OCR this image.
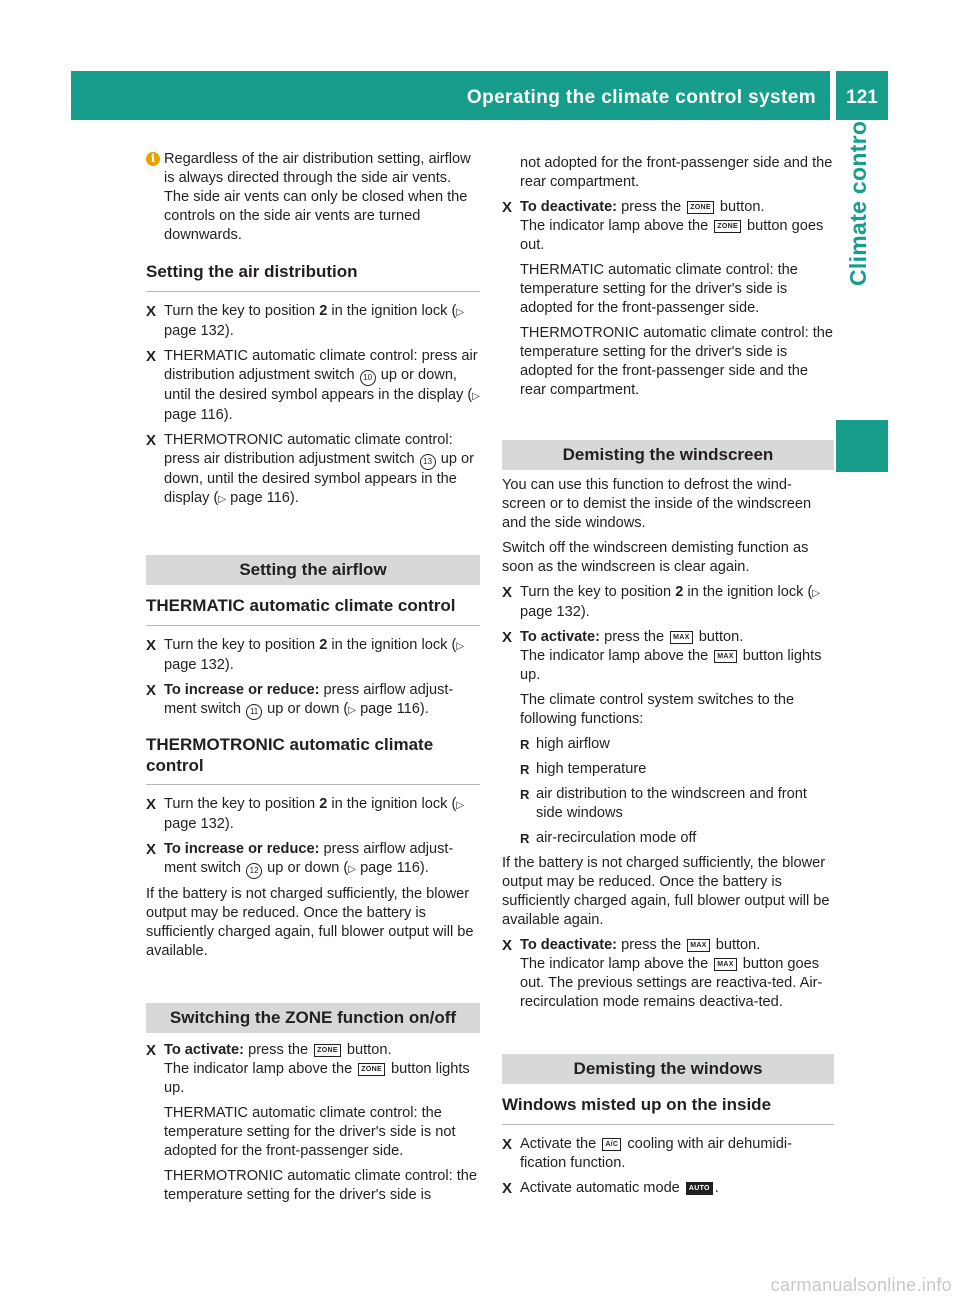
Operating the climate control system	121
Climate control

i Regardless of the air distribution setting, airflow is always directed through the side air vents. The side air vents can only be closed when the controls on the side air vents are turned downwards.

Setting the air distribution

X Turn the key to position 2 in the ignition lock (▷ page 132).

X THERMATIC automatic climate control: press air distribution adjustment switch 10 up or down, until the desired symbol appears in the display (▷ page 116).

X THERMOTRONIC automatic climate control: press air distribution adjustment switch 13 up or down, until the desired symbol appears in the display (▷ page 116).

Setting the airflow
THERMATIC automatic climate control

X Turn the key to position 2 in the ignition lock (▷ page 132).

X To increase or reduce: press airflow adjust-ment switch 11 up or down (▷ page 116).

THERMOTRONIC automatic climate control

X Turn the key to position 2 in the ignition lock (▷ page 132).

X To increase or reduce: press airflow adjust-ment switch 12 up or down (▷ page 116).

If the battery is not charged sufficiently, the blower output may be reduced. Once the battery is sufficiently charged again, full blower output will be available.

Switching the ZONE function on/off

X To activate: press the ZONE button.

The indicator lamp above the ZONE button lights up.

THERMATIC automatic climate control: the temperature setting for the driver's side is not adopted for the front-passenger side.

THERMOTRONIC automatic climate control: the temperature setting for the driver's side is

not adopted for the front-passenger side and the rear compartment.

X To deactivate: press the ZONE button.

The indicator lamp above the ZONE button goes out.

THERMATIC automatic climate control: the temperature setting for the driver's side is adopted for the front-passenger side.

THERMOTRONIC automatic climate control: the temperature setting for the driver's side is adopted for the front-passenger side and the rear compartment.

Demisting the windscreen

You can use this function to defrost the wind-screen or to demist the inside of the windscreen and the side windows.

Switch off the windscreen demisting function as soon as the windscreen is clear again.

X Turn the key to position 2 in the ignition lock (▷ page 132).

X To activate: press the MAX button.

The indicator lamp above the MAX button lights up.

The climate control system switches to the following functions:

R high airflow

R high temperature

R air distribution to the windscreen and front side windows

R air-recirculation mode off

If the battery is not charged sufficiently, the blower output may be reduced. Once the battery is sufficiently charged again, full blower output will be available again.

X To deactivate: press the MAX button.

The indicator lamp above the MAX button goes out. The previous settings are reactiva-ted. Air-recirculation mode remains deactiva-ted.

Demisting the windows
Windows misted up on the inside

X Activate the A/C cooling with air dehumidi-fication function.

X Activate automatic mode AUTO .

carmanualsonline.info
